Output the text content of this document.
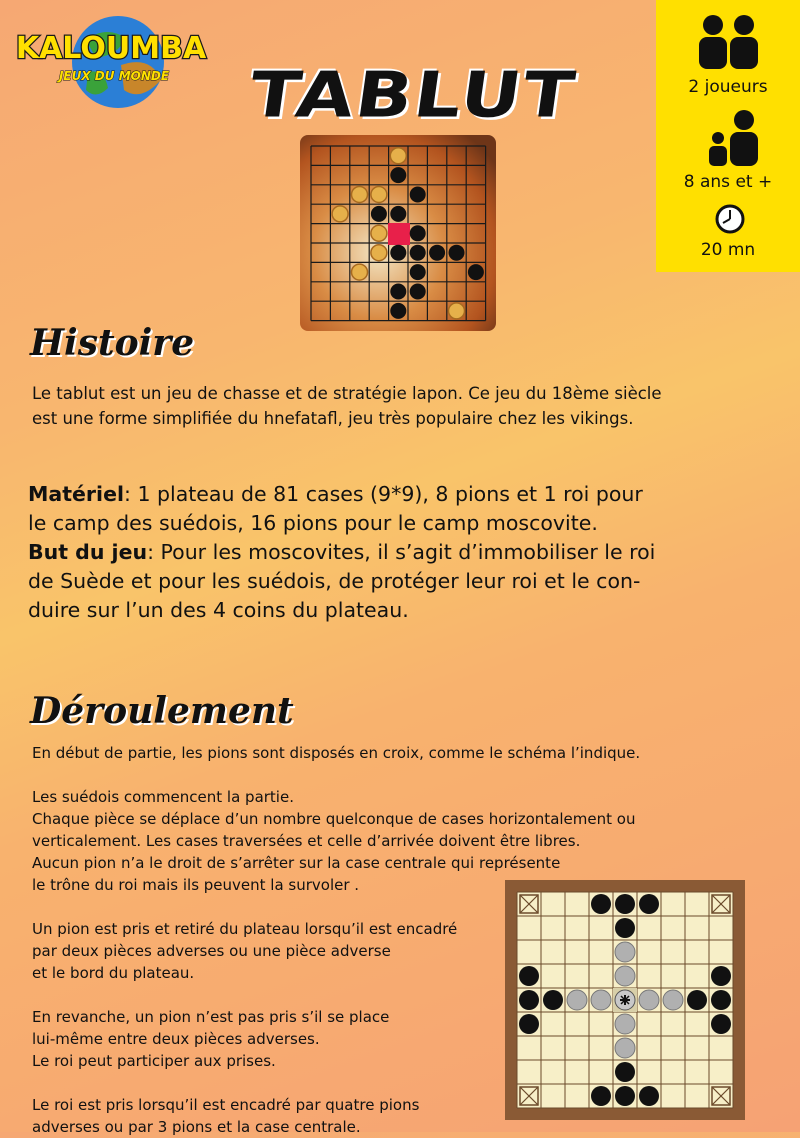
KALOUMBA
JEUX DU MONDE TABLUT	2 joueurs
8 ans et +
20 mn
Histoire
Le tablut est un jeu de chasse et de stratégie lapon. Ce jeu du 18ème siècle
est une forme simplifiée du hnefatafl, jeu très populaire chez les vikings.
Matériel: 1 plateau de 81 cases (9*9), 8 pions et 1 roi pour
le camp des suédois, 16 pions pour le camp moscovite.
But du jeu: Pour les moscovites, il s’agit d’immobiliser le roi
de Suède et pour les suédois, de protéger leur roi et le con-
duire sur l’un des 4 coins du plateau.
Déroulement
En début de partie, les pions sont disposés en croix, comme le schéma l’indique.
Les suédois commencent la partie.
Chaque pièce se déplace d’un nombre quelconque de cases horizontalement ou
verticalement. Les cases traversées et celle d’arrivée doivent être libres.
Aucun pion n’a le droit de s’arrêter sur la case centrale qui représente
le trône du roi mais ils peuvent la survoler .
Un pion est pris et retiré du plateau lorsqu’il est encadré
par deux pièces adverses ou une pièce adverse
et le bord du plateau.
En revanche, un pion n’est pas pris s’il se place
lui-même entre deux pièces adverses.
Le roi peut participer aux prises.
Le roi est pris lorsqu’il est encadré par quatre pions
adverses ou par 3 pions et la case centrale.
